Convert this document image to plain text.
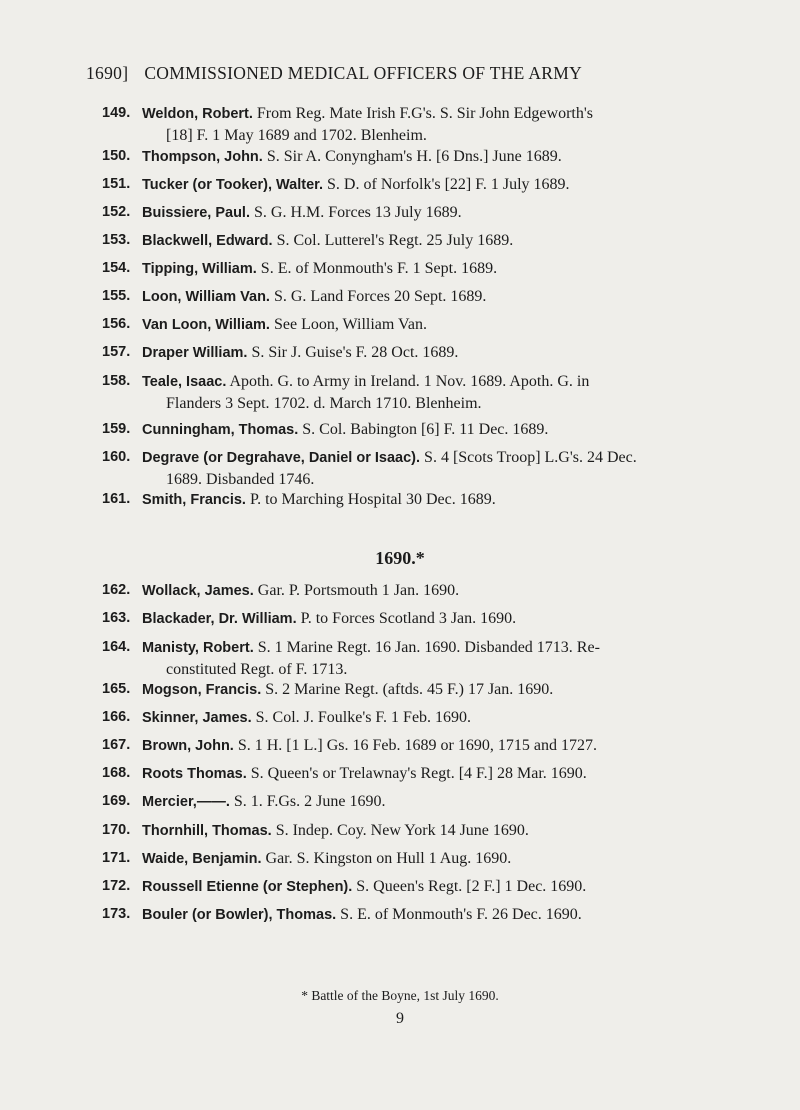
1690] COMMISSIONED MEDICAL OFFICERS OF THE ARMY
149. Weldon, Robert. From Reg. Mate Irish F.G's. S. Sir John Edgeworth's
[18] F. 1 May 1689 and 1702. Blenheim.
150. Thompson, John. S. Sir A. Conyngham's H. [6 Dns.] June 1689.
151. Tucker (or Tooker), Walter. S. D. of Norfolk's [22] F. 1 July 1689.
152. Buissiere, Paul. S. G. H.M. Forces 13 July 1689.
153. Blackwell, Edward. S. Col. Lutterel's Regt. 25 July 1689.
154. Tipping, William. S. E. of Monmouth's F. 1 Sept. 1689.
155. Loon, William Van. S. G. Land Forces 20 Sept. 1689.
156. Van Loon, William. See Loon, William Van.
157. Draper William. S. Sir J. Guise's F. 28 Oct. 1689.
158. Teale, Isaac. Apoth. G. to Army in Ireland. 1 Nov. 1689. Apoth. G. in
Flanders 3 Sept. 1702. d. March 1710. Blenheim.
159. Cunningham, Thomas. S. Col. Babington [6] F. 11 Dec. 1689.
160. Degrave (or Degrahave, Daniel or Isaac). S. 4 [Scots Troop] L.G's. 24 Dec.
1689. Disbanded 1746.
161. Smith, Francis. P. to Marching Hospital 30 Dec. 1689.
162. Wollack, James. Gar. P. Portsmouth 1 Jan. 1690.
163. Blackader, Dr. William. P. to Forces Scotland 3 Jan. 1690.
164. Manisty, Robert. S. 1 Marine Regt. 16 Jan. 1690. Disbanded 1713. Re-
constituted Regt. of F. 1713.
165. Mogson, Francis. S. 2 Marine Regt. (aftds. 45 F.) 17 Jan. 1690.
166. Skinner, James. S. Col. J. Foulke's F. 1 Feb. 1690.
167. Brown, John. S. 1 H. [1 L.] Gs. 16 Feb. 1689 or 1690, 1715 and 1727.
168. Roots Thomas. S. Queen's or Trelawnay's Regt. [4 F.] 28 Mar. 1690.
169. Mercier,——. S. 1. F.Gs. 2 June 1690.
170. Thornhill, Thomas. S. Indep. Coy. New York 14 June 1690.
171. Waide, Benjamin. Gar. S. Kingston on Hull 1 Aug. 1690.
172. Roussell Etienne (or Stephen). S. Queen's Regt. [2 F.] 1 Dec. 1690.
173. Bouler (or Bowler), Thomas. S. E. of Monmouth's F. 26 Dec. 1690.
1690.*
* Battle of the Boyne, 1st July 1690.
9
